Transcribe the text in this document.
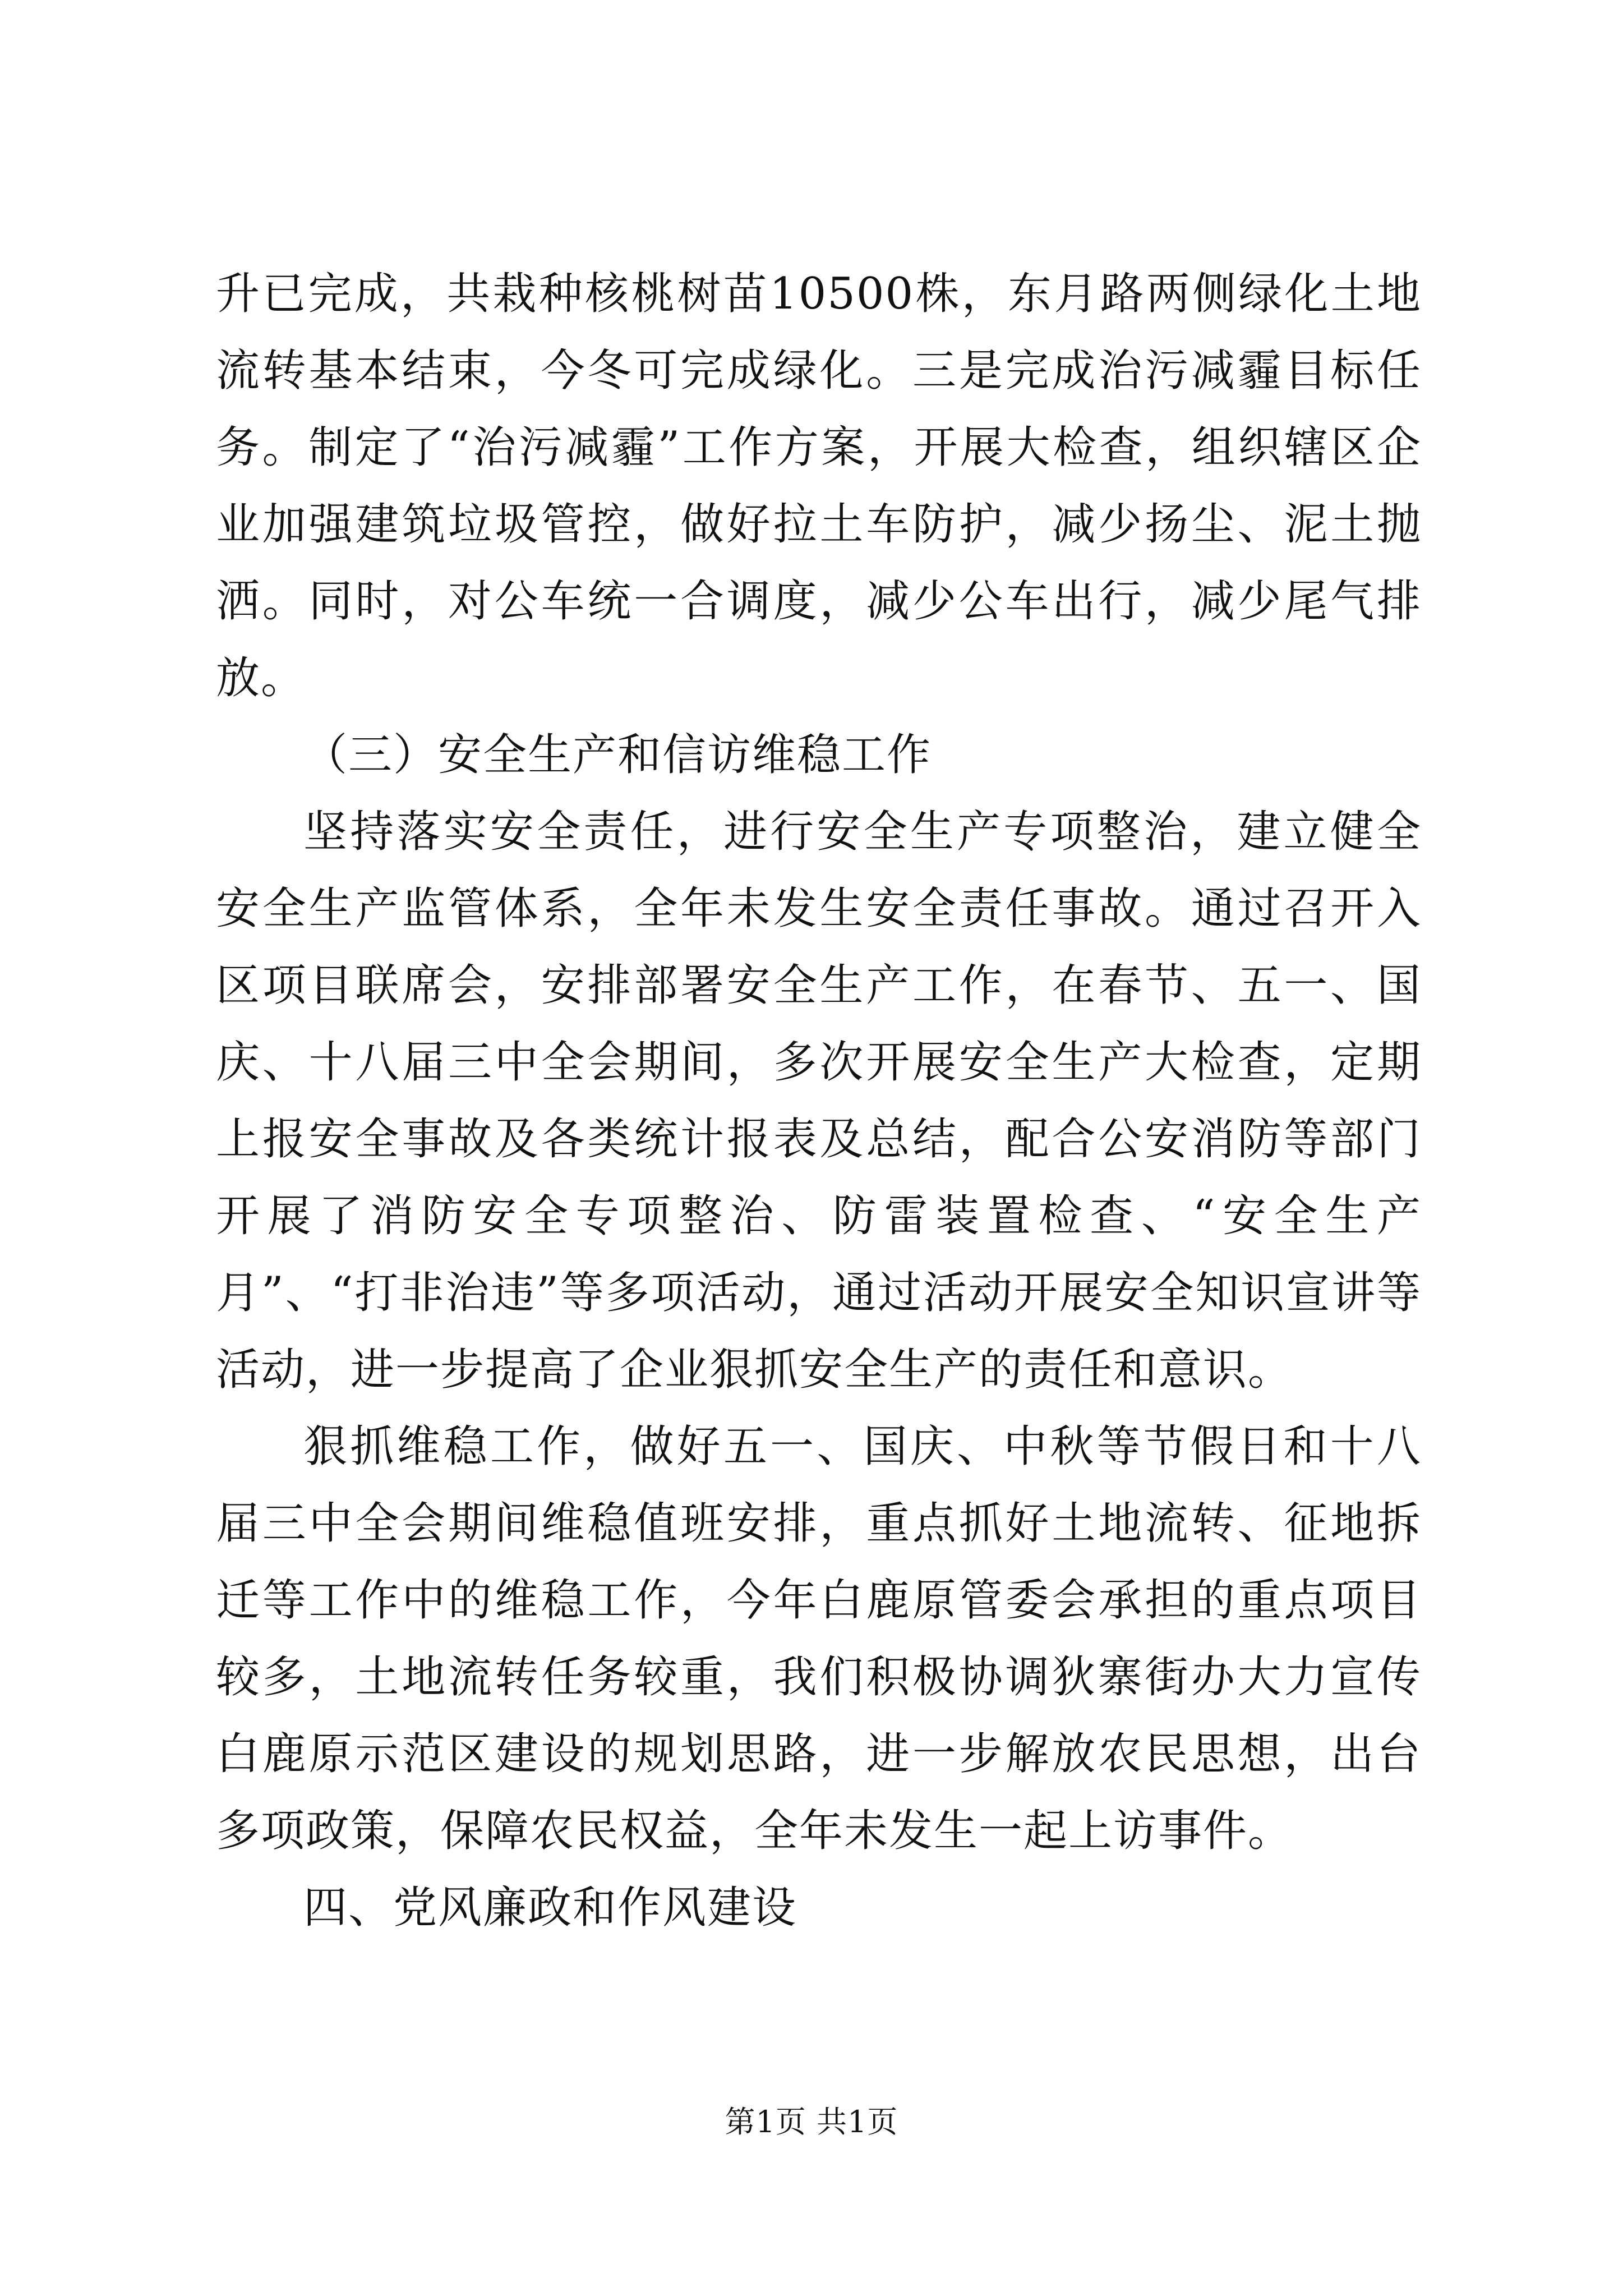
升已完成，共栽种核桃树苗10500株，东月路两侧绿化土地流转基本结束，今冬可完成绿化。三是完成治污减霾目标任务。制定了“治污减霾”工作方案，开展大检查，组织辖区企业加强建筑垃圾管控，做好拉土车防护，减少扬尘、泥土抛洒。同时，对公车统一合调度，减少公车出行，减少尾气排放。

（三）安全生产和信访维稳工作

坚持落实安全责任，进行安全生产专项整治，建立健全安全生产监管体系，全年未发生安全责任事故。通过召开入区项目联席会，安排部署安全生产工作，在春节、五一、国庆、十八届三中全会期间，多次开展安全生产大检查，定期上报安全事故及各类统计报表及总结，配合公安消防等部门开展了消防安全专项整治、防雷装置检查、“安全生产月”、“打非治违”等多项活动，通过活动开展安全知识宣讲等活动，进一步提高了企业狠抓安全生产的责任和意识。

狠抓维稳工作，做好五一、国庆、中秋等节假日和十八届三中全会期间维稳值班安排，重点抓好土地流转、征地拆迁等工作中的维稳工作，今年白鹿原管委会承担的重点项目较多，土地流转任务较重，我们积极协调狄寨街办大力宣传白鹿原示范区建设的规划思路，进一步解放农民思想，出台多项政策，保障农民权益，全年未发生一起上访事件。

四、党风廉政和作风建设

第1页 共1页
